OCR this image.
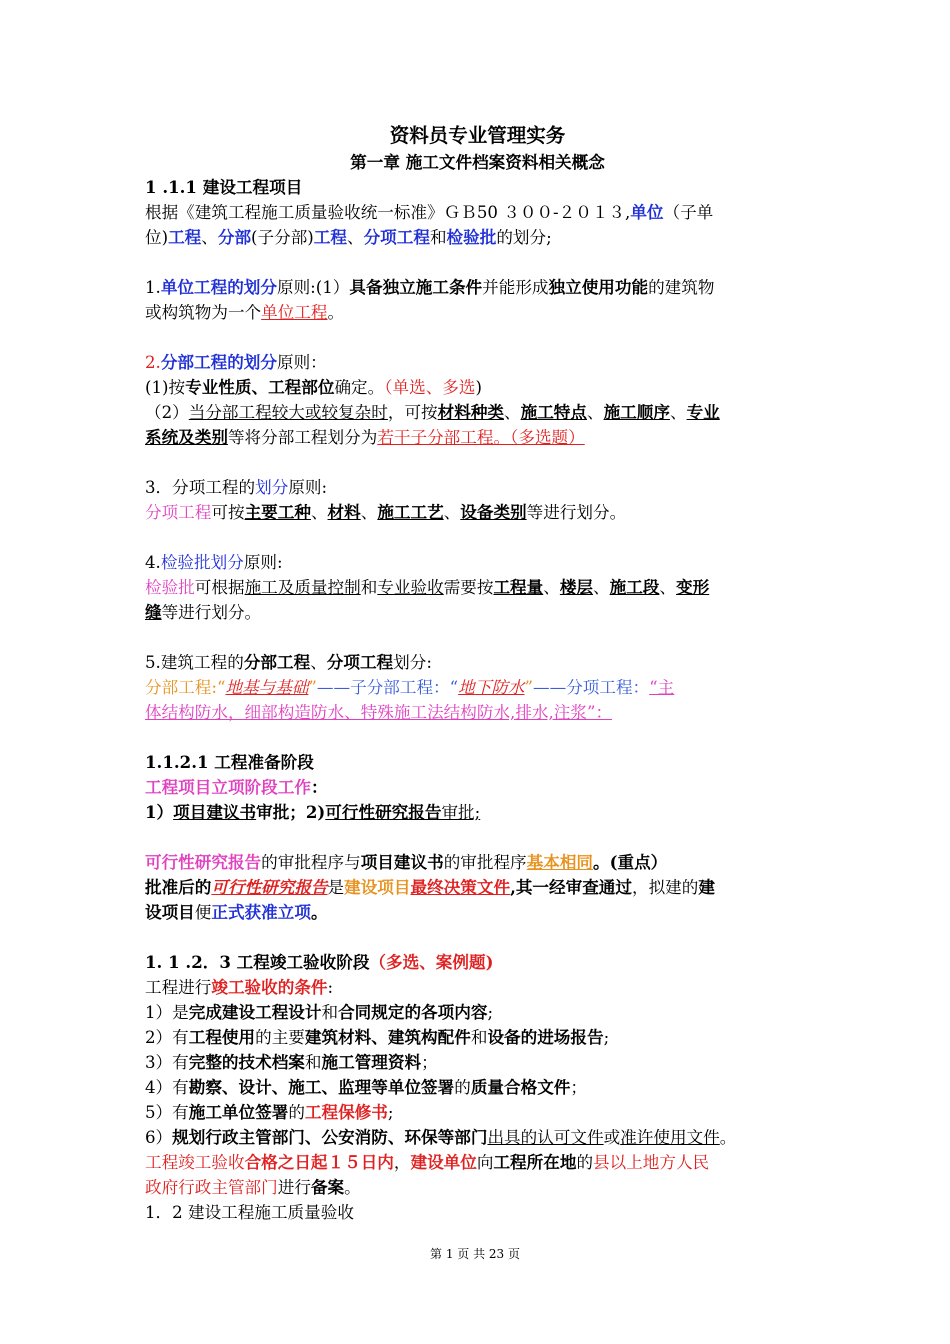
资料员专业管理实务

第一章 施工文件档案资料相关概念

1 .1.1 建设工程项目

根据《建筑工程施工质量验收统一标准》ＧＢ50 ３００-２０１３,单位（子单

位)工程、分部(子分部)工程、分项工程和检验批的划分;

1.单位工程的划分原则:(1）具备独立施工条件并能形成独立使用功能的建筑物

或构筑物为一个单位工程。

2.分部工程的划分原则：

(1)按专业性质、工程部位确定。（单选、多选)

（2）当分部工程较大或较复杂时，可按材料种类、施工特点、施工顺序、专业

系统及类别等将分部工程划分为若干子分部工程。（多选题）

3．分项工程的划分原则:

分项工程可按主要工种、材料、施工工艺、设备类别等进行划分。

4.检验批划分原则:

检验批可根据施工及质量控制和专业验收需要按工程量、楼层、施工段、变形

缝等进行划分。

5.建筑工程的分部工程、分项工程划分:

分部工程:“地基与基础”——子分部工程：“地下防水”——分项工程：“主

体结构防水，细部构造防水、特殊施工法结构防水,排水,注浆”：

1.1.2.1 工程准备阶段

工程项目立项阶段工作：

1）项目建议书审批；2)可行性研究报告审批;

可行性研究报告的审批程序与项目建议书的审批程序基本相同。(重点）

批准后的可行性研究报告是建设项目最终决策文件,其一经审查通过，拟建的建

设项目便正式获准立项。

1. 1 .2．3 工程竣工验收阶段（多选、案例题)

工程进行竣工验收的条件:

1）是完成建设工程设计和合同规定的各项内容;

2）有工程使用的主要建筑材料、建筑构配件和设备的进场报告;

3）有完整的技术档案和施工管理资料；

4）有勘察、设计、施工、监理等单位签署的质量合格文件；

5）有施工单位签署的工程保修书;

6）规划行政主管部门、公安消防、环保等部门出具的认可文件或准许使用文件。

工程竣工验收合格之日起１５日内，建设单位向工程所在地的县以上地方人民

政府行政主管部门进行备案。

1．2 建设工程施工质量验收

第 1 页 共 23 页
